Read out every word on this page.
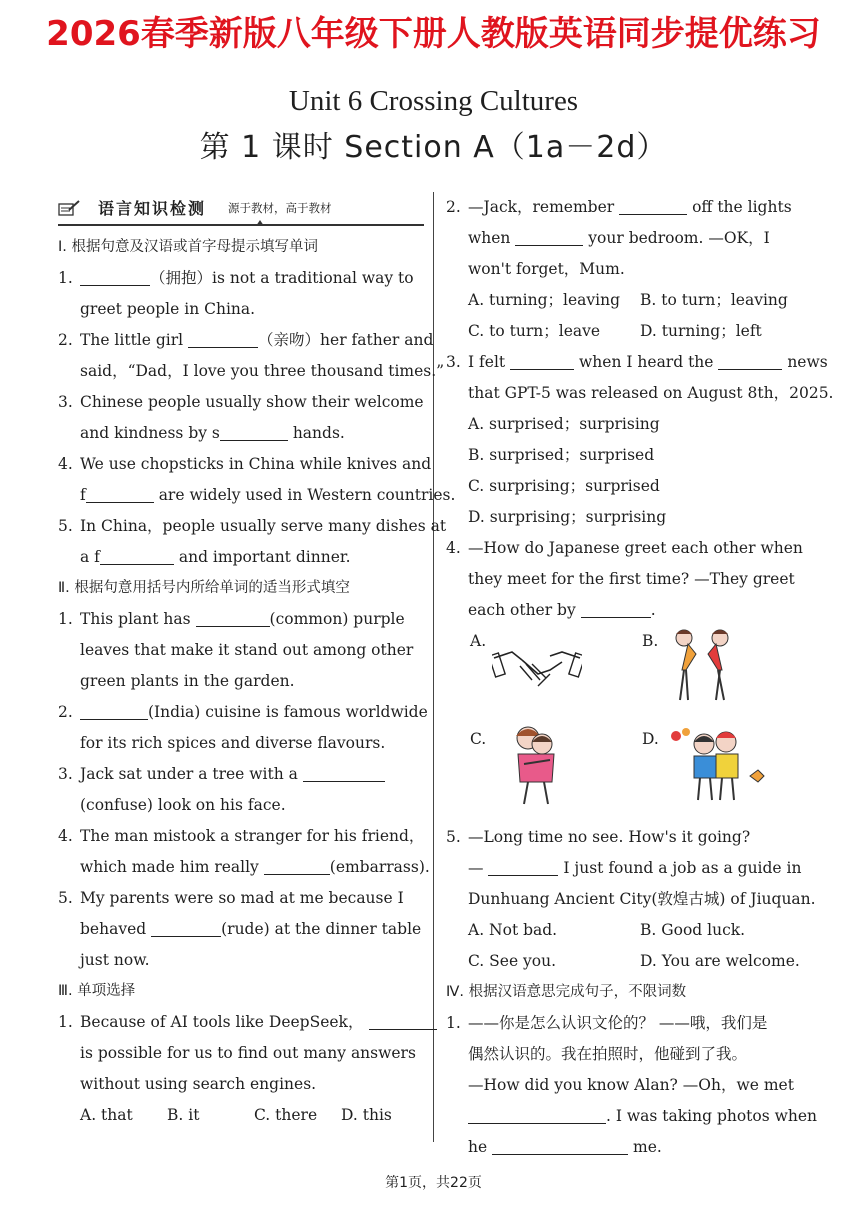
2026春季新版八年级下册人教版英语同步提优练习
Unit 6 Crossing Cultures
第 1 课时 Section A（1a－2d）
语言知识检测 源于教材，高于教材
Ⅰ. 根据句意及汉语或首字母提示填写单词
1.	（拥抱）is not a traditional way to
greet people in China.
2. The little girl	（亲吻）her father and
said，“Dad，I love you three thousand times.”
3. Chinese people usually show their welcome
and kindness by s	hands.
4. We use chopsticks in China while knives and
f	are widely used in Western countries.
5. In China，people usually serve many dishes at
a f	and important dinner.
Ⅱ. 根据句意用括号内所给单词的适当形式填空
1. This plant has	(common) purple
leaves that make it stand out among other
green plants in the garden.
2.	(India) cuisine is famous worldwide
for its rich spices and diverse flavours.
3. Jack sat under a tree with a
(confuse) look on his face.
4. The man mistook a stranger for his friend，
which made him really	(embarrass).
5. My parents were so mad at me because I
behaved	(rude) at the dinner table
just now.
Ⅲ. 单项选择
1. Because of AI tools like DeepSeek，
is possible for us to find out many answers
without using search engines.
A. that	B. it	C. there	D. this
2. —Jack，remember	off the lights
when	your bedroom. —OK，I
won't forget，Mum.
A. turning；leaving	B. to turn；leaving
C. to turn；leave	D. turning；left
3. I felt	when I heard the	news
that GPT-5 was released on August 8th，2025.
A. surprised；surprising
B. surprised；surprised
C. surprising；surprised
D. surprising；surprising
4. —How do Japanese greet each other when
they meet for the first time? —They greet
each other by	.
A.	B.
C.	D.
5. —Long time no see. How's it going?
—	I just found a job as a guide in
Dunhuang Ancient City(敦煌古城) of Jiuquan.
A. Not bad.	B. Good luck.
C. See you.	D. You are welcome.
Ⅳ. 根据汉语意思完成句子，不限词数
1. ——你是怎么认识文伦的？ ——哦，我们是
偶然认识的。我在拍照时，他碰到了我。
—How did you know Alan? —Oh，we met
. I was taking photos when
he	me.
第1页，共22页
